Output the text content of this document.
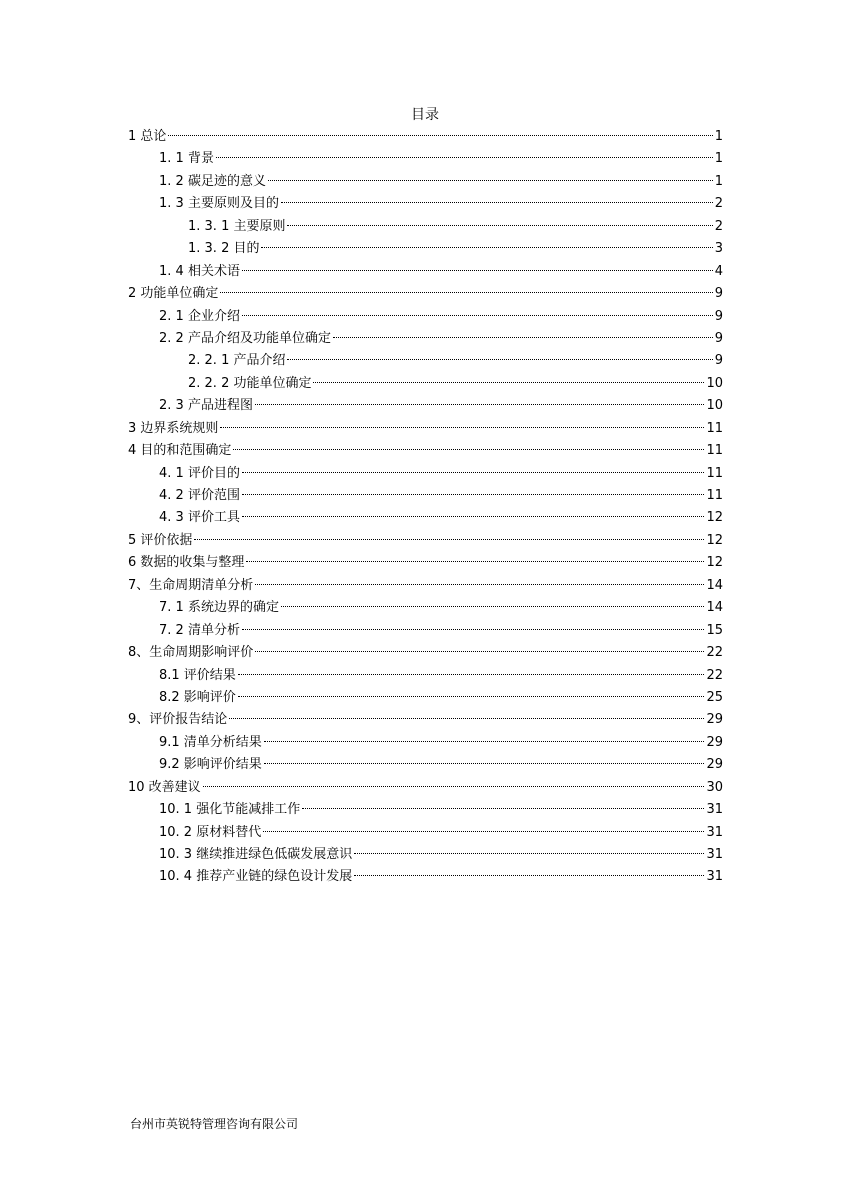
目录
1 总论	1
1. 1 背景	1
1. 2 碳足迹的意义	1
1. 3 主要原则及目的	2
1. 3. 1 主要原则	2
1. 3. 2 目的	3
1. 4 相关术语	4
2 功能单位确定	9
2. 1 企业介绍	9
2. 2 产品介绍及功能单位确定	9
2. 2. 1 产品介绍	9
2. 2. 2 功能单位确定	10
2. 3 产品进程图	10
3 边界系统规则	11
4 目的和范围确定	11
4. 1 评价目的	11
4. 2 评价范围	11
4. 3 评价工具	12
5 评价依据	12
6 数据的收集与整理	12
7、生命周期清单分析	14
7. 1 系统边界的确定	14
7. 2 清单分析	15
8、生命周期影响评价	22
8.1 评价结果	22
8.2 影响评价	25
9、评价报告结论	29
9.1 清单分析结果	29
9.2 影响评价结果	29
10 改善建议	30
10. 1 强化节能减排工作	31
10. 2 原材料替代	31
10. 3 继续推进绿色低碳发展意识	31
10. 4 推荐产业链的绿色设计发展	31
台州市英锐特管理咨询有限公司
